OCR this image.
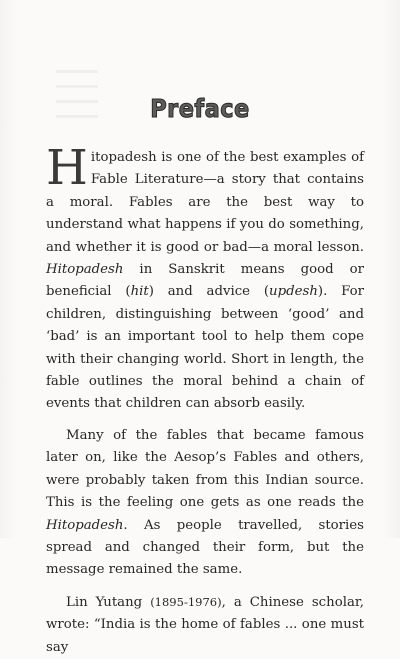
Preface

Hitopadesh is one of the best examples of Fable Literature—a story that contains a moral. Fables are the best way to understand what happens if you do something, and whether it is good or bad—a moral lesson. Hitopadesh in Sanskrit means good or beneficial (hit) and advice (updesh). For children, distinguishing between ‘good’ and ‘bad’ is an important tool to help them cope with their changing world. Short in length, the fable outlines the moral behind a chain of events that children can absorb easily.

Many of the fables that became famous later on, like the Aesop’s Fables and others, were probably taken from this Indian source. This is the feeling one gets as one reads the Hitopadesh. As people travelled, stories spread and changed their form, but the message remained the same.

Lin Yutang (1895-1976), a Chinese scholar, wrote: “India is the home of fables ... one must say
